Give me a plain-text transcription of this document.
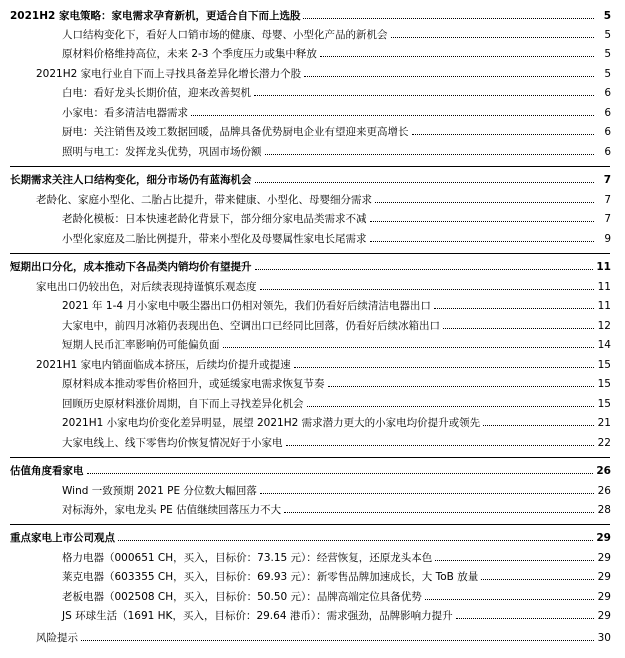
2021H2 家电策略：家电需求孕育新机，更适合自下而上选股	5
人口结构变化下，看好人口销市场的健康、母婴、小型化产品的新机会	5
原材料价格维持高位，未来 2-3 个季度压力或集中释放	5
2021H2 家电行业自下而上寻找具备差异化增长潜力个股	5
白电：看好龙头长期价值，迎来改善契机	6
小家电：看多清洁电器需求	6
厨电：关注销售及竣工数据回暖，品牌具备优势厨电企业有望迎来更高增长	6
照明与电工：发挥龙头优势，巩固市场份额	6
长期需求关注人口结构变化，细分市场仍有蓝海机会	7
老龄化、家庭小型化、二胎占比提升，带来健康、小型化、母婴细分需求	7
老龄化模板：日本快速老龄化背景下，部分细分家电品类需求不减	7
小型化家庭及二胎比例提升，带来小型化及母婴属性家电长尾需求	9
短期出口分化，成本推动下各品类内销均价有望提升	11
家电出口仍较出色，对后续表现持谨慎乐观态度	11
2021 年 1-4 月小家电中吸尘器出口仍相对领先，我们仍看好后续清洁电器出口	11
大家电中，前四月冰箱仍表现出色、空调出口已经同比回落，仍看好后续冰箱出口	12
短期人民币汇率影响仍可能偏负面	14
2021H1 家电内销面临成本挤压，后续均价提升或提速	15
原材料成本推动零售价格回升，或延缓家电需求恢复节奏	15
回顾历史原材料涨价周期，自下而上寻找差异化机会	15
2021H1 小家电均价变化差异明显，展望 2021H2 需求潜力更大的小家电均价提升或领先	21
大家电线上、线下零售均价恢复情况好于小家电	22
估值角度看家电	26
Wind 一致预期 2021 PE 分位数大幅回落	26
对标海外，家电龙头 PE 估值继续回落压力不大	28
重点家电上市公司观点	29
格力电器（000651 CH，买入，目标价：73.15 元）：经营恢复，还原龙头本色	29
莱克电器（603355 CH，买入，目标价：69.93 元）：新零售品牌加速成长，大 ToB 放量	29
老板电器（002508 CH，买入，目标价：50.50 元）：品牌高端定位具备优势	29
JS 环球生活（1691 HK，买入，目标价：29.64 港币）：需求强劲，品牌影响力提升	29
风险提示	30
